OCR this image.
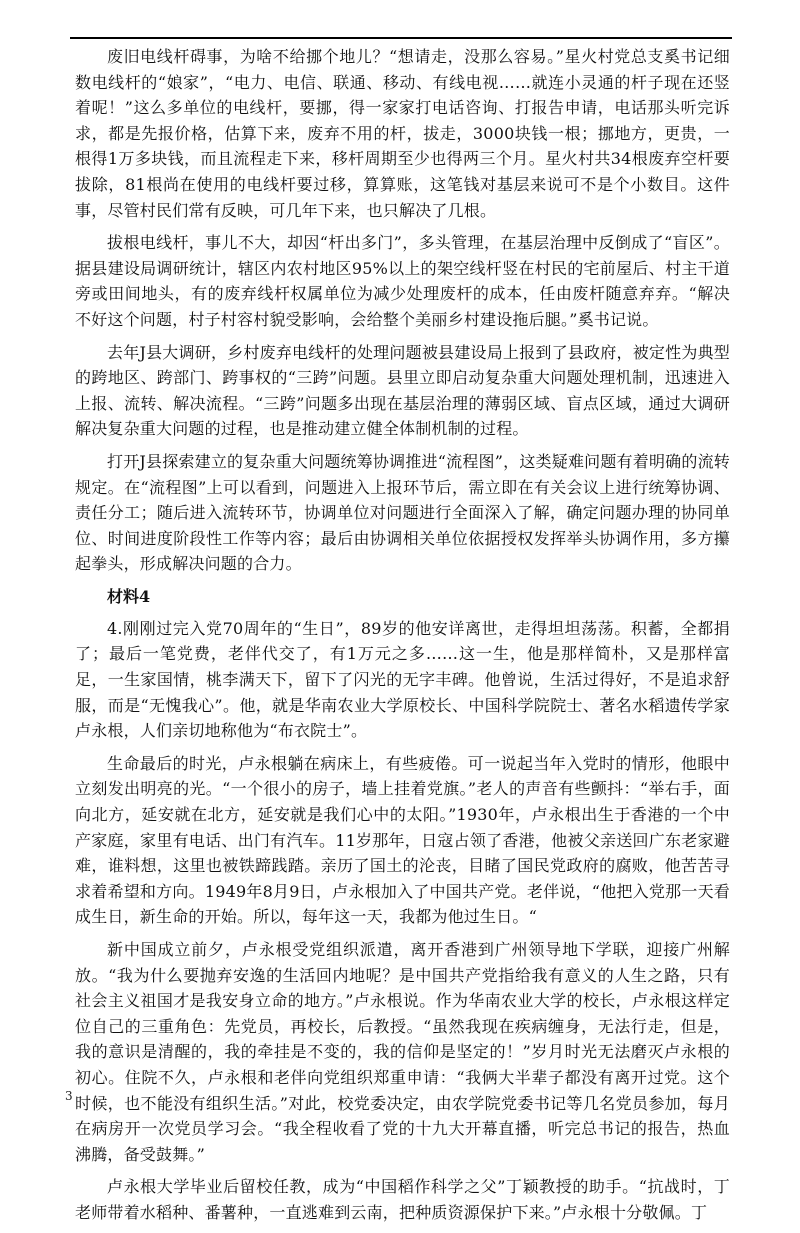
废旧电线杆碍事，为啥不给挪个地儿？“想请走，没那么容易。”星火村党总支奚书记细数电线杆的“娘家”，“电力、电信、联通、移动、有线电视……就连小灵通的杆子现在还竖着呢！”这么多单位的电线杆，要挪，得一家家打电话咨询、打报告申请，电话那头听完诉求，都是先报价格，估算下来，废弃不用的杆，拔走，3000块钱一根；挪地方，更贵，一根得1万多块钱，而且流程走下来，移杆周期至少也得两三个月。星火村共34根废弃空杆要拔除，81根尚在使用的电线杆要过移，算算账，这笔钱对基层来说可不是个小数目。这件事，尽管村民们常有反映，可几年下来，也只解决了几根。

拔根电线杆，事儿不大，却因“杆出多门”，多头管理，在基层治理中反倒成了“盲区”。据县建设局调研统计，辖区内农村地区95%以上的架空线杆竖在村民的宅前屋后、村主干道旁或田间地头，有的废弃线杆权属单位为减少处理废杆的成本，任由废杆随意弃弃。“解决不好这个问题，村子村容村貌受影响，会给整个美丽乡村建设拖后腿。”奚书记说。

去年J县大调研，乡村废弃电线杆的处理问题被县建设局上报到了县政府，被定性为典型的跨地区、跨部门、跨事权的“三跨”问题。县里立即启动复杂重大问题处理机制，迅速进入上报、流转、解决流程。“三跨”问题多出现在基层治理的薄弱区域、盲点区域，通过大调研解决复杂重大问题的过程，也是推动建立健全体制机制的过程。

打开J县探索建立的复杂重大问题统筹协调推进“流程图”，这类疑难问题有着明确的流转规定。在“流程图”上可以看到，问题进入上报环节后，需立即在有关会议上进行统筹协调、责任分工；随后进入流转环节，协调单位对问题进行全面深入了解，确定问题办理的协同单位、时间进度阶段性工作等内容；最后由协调相关单位依据授权发挥举头协调作用，多方攥起拳头，形成解决问题的合力。

材料4

4.刚刚过完入党70周年的“生日”，89岁的他安详离世，走得坦坦荡荡。积蓄，全都捐了；最后一笔党费，老伴代交了，有1万元之多……这一生，他是那样简朴，又是那样富足，一生家国情，桃李满天下，留下了闪光的无字丰碑。他曾说，生活过得好，不是追求舒服，而是“无愧我心”。他，就是华南农业大学原校长、中国科学院院士、著名水稻遗传学家卢永根，人们亲切地称他为“布衣院士”。

生命最后的时光，卢永根躺在病床上，有些疲倦。可一说起当年入党时的情形，他眼中立刻发出明亮的光。“一个很小的房子，墙上挂着党旗。”老人的声音有些颤抖：“举右手，面向北方，延安就在北方，延安就是我们心中的太阳。”1930年，卢永根出生于香港的一个中产家庭，家里有电话、出门有汽车。11岁那年，日寇占领了香港，他被父亲送回广东老家避难，谁料想，这里也被铁蹄践踏。亲历了国土的沦丧，目睹了国民党政府的腐败，他苦苦寻求着希望和方向。1949年8月9日，卢永根加入了中国共产党。老伴说，“他把入党那一天看成生日，新生命的开始。所以，每年这一天，我都为他过生日。“

新中国成立前夕，卢永根受党组织派遣，离开香港到广州领导地下学联，迎接广州解放。“我为什么要抛弃安逸的生活回内地呢？是中国共产党指给我有意义的人生之路，只有社会主义祖国才是我安身立命的地方。”卢永根说。作为华南农业大学的校长，卢永根这样定位自己的三重角色：先党员，再校长，后教授。“虽然我现在疾病缠身，无法行走，但是，我的意识是清醒的，我的牵挂是不变的，我的信仰是坚定的！”岁月时光无法磨灭卢永根的初心。住院不久，卢永根和老伴向党组织郑重申请：“我俩大半辈子都没有离开过党。这个时候，也不能没有组织生活。”对此，校党委决定，由农学院党委书记等几名党员参加，每月在病房开一次党员学习会。“我全程收看了党的十九大开幕直播，听完总书记的报告，热血沸腾，备受鼓舞。”

卢永根大学毕业后留校任教，成为“中国稻作科学之父”丁颖教授的助手。“抗战时，丁老师带着水稻种、番薯种，一直逃难到云南，把种质资源保护下来。”卢永根十分敬佩。丁

3
